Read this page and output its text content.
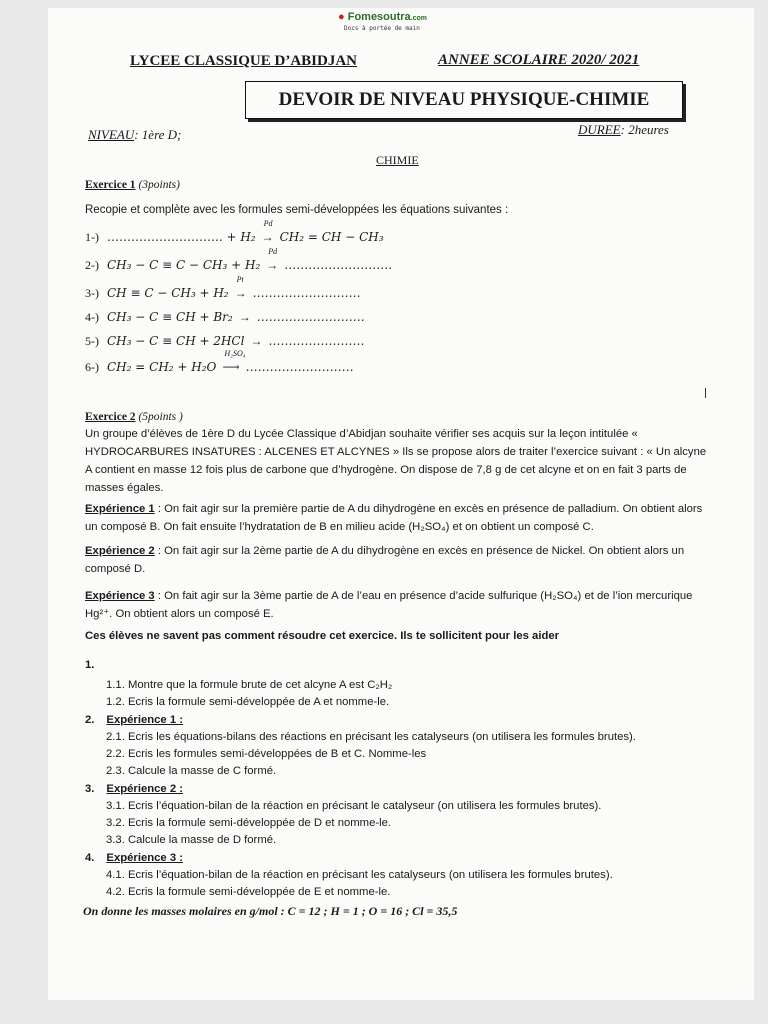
● Fomesoutra.com
Docs à portée de main
LYCEE CLASSIQUE D’ABIDJAN	ANNEE SCOLAIRE 2020/ 2021
DEVOIR DE NIVEAU PHYSIQUE-CHIMIE
NIVEAU: 1ère D;	DUREE: 2heures
CHIMIE
Exercice 1 (3points)
Recopie et complète avec les formules semi-développées les équations suivantes :
1-) ……………………….. + H₂
Pd
→ CH₂ = CH − CH₃
2-) CH₃ − C ≡ C − CH₃ + H₂
Pd
→ ………………………
3-) CH ≡ C − CH₃ + H₂
Pt
→ ………………………
4-) CH₃ − C ≡ CH + Br₂ → ………………………
5-) CH₃ − C ≡ CH + 2HCl → ……………………
6-) CH₂ = CH₂ + H₂O
H₂SO₄
⟶ ………………………
Exercice 2 (5points )
Un groupe d’élèves de 1ère D du Lycée Classique d’Abidjan souhaite vérifier ses acquis sur la leçon intitulée « HYDROCARBURES INSATURES : ALCENES ET ALCYNES » Ils se propose alors de traiter l’exercice suivant : « Un alcyne A contient en masse 12 fois plus de carbone que d’hydrogène. On dispose de 7,8 g de cet alcyne et on en fait 3 parts de masses égales.
Expérience 1 : On fait agir sur la première partie de A du dihydrogène en excès en présence de palladium. On obtient alors un composé B. On fait ensuite l’hydratation de B en milieu acide (H₂SO₄) et on obtient un composé C.
Expérience 2 : On fait agir sur la 2ème partie de A du dihydrogène en excès en présence de Nickel. On obtient alors un composé D.
Expérience 3 : On fait agir sur la 3ème partie de A de l’eau en présence d’acide sulfurique (H₂SO₄) et de l’ion mercurique Hg²⁺. On obtient alors un composé E.
Ces élèves ne savent pas comment résoudre cet exercice. Ils te sollicitent pour les aider
1.
1.1. Montre que la formule brute de cet alcyne A est C₂H₂
1.2. Ecris la formule semi-développée de A et nomme-le.
2. Expérience 1 :
2.1. Ecris les équations-bilans des réactions en précisant les catalyseurs (on utilisera les formules brutes).
2.2. Ecris les formules semi-développées de B et C. Nomme-les
2.3. Calcule la masse de C formé.
3. Expérience 2 :
3.1. Ecris l’équation-bilan de la réaction en précisant le catalyseur (on utilisera les formules brutes).
3.2. Ecris la formule semi-développée de D et nomme-le.
3.3. Calcule la masse de D formé.
4. Expérience 3 :
4.1. Ecris l’équation-bilan de la réaction en précisant les catalyseurs (on utilisera les formules brutes).
4.2. Ecris la formule semi-développée de E et nomme-le.
On donne les masses molaires en g/mol : C = 12 ; H = 1 ; O = 16 ; Cl = 35,5
